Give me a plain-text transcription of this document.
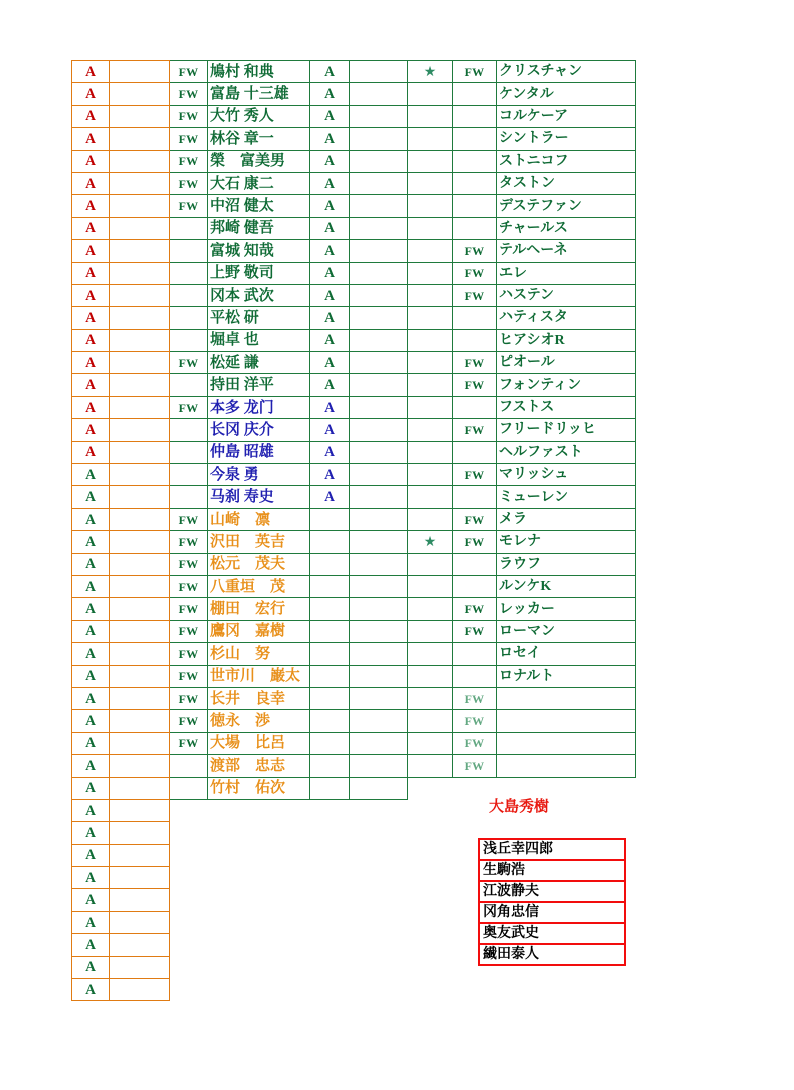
A		FW	鳩村 和典	A		★	FW	クリスチャン
A		FW	富島 十三雄	A				ケンタル
A		FW	大竹 秀人	A				コルケーア
A		FW	林谷 章一	A				シントラー
A		FW	榮　富美男	A				ストニコフ
A		FW	大石 康二	A				タストン
A		FW	中沼 健太	A				デステファン
A			邦崎 健吾	A				チャールス
A			富城 知哉	A			FW	テルヘーネ
A			上野 敬司	A			FW	エレ
A			冈本 武次	A			FW	ハステン
A			平松 研	A				ハティスタ
A			堀卓 也	A				ヒアシオR
A		FW	松延 謙	A			FW	ピオール
A			持田 洋平	A			FW	フォンティン
A		FW	本多 龙门	A				フストス
A			长冈 庆介	A			FW	フリードリッヒ
A			仲島 昭雄	A				ヘルファスト
A			今泉 勇	A			FW	マリッシュ
A			马刹 寿史	A				ミューレン
A		FW	山崎　凛				FW	メラ
A		FW	沢田　英吉			★	FW	モレナ
A		FW	松元　茂夫					ラウフ
A		FW	八重垣　茂					ルンケK
A		FW	棚田　宏行				FW	レッカー
A		FW	鷹冈　嘉樹				FW	ローマン
A		FW	杉山　努					ロセイ
A		FW	世市川　巌太					ロナルト
A		FW	长井　良幸				FW	
A		FW	徳永　渉				FW	
A		FW	大場　比呂				FW	
A			渡部　忠志				FW	
A			竹村　佑次					
A								
A								
A								
A								
A								
A								
A								
A								
A								
大島秀樹
浅丘幸四郎
生駒浩
江波静夫
冈角忠信
奥友武史
繊田泰人
